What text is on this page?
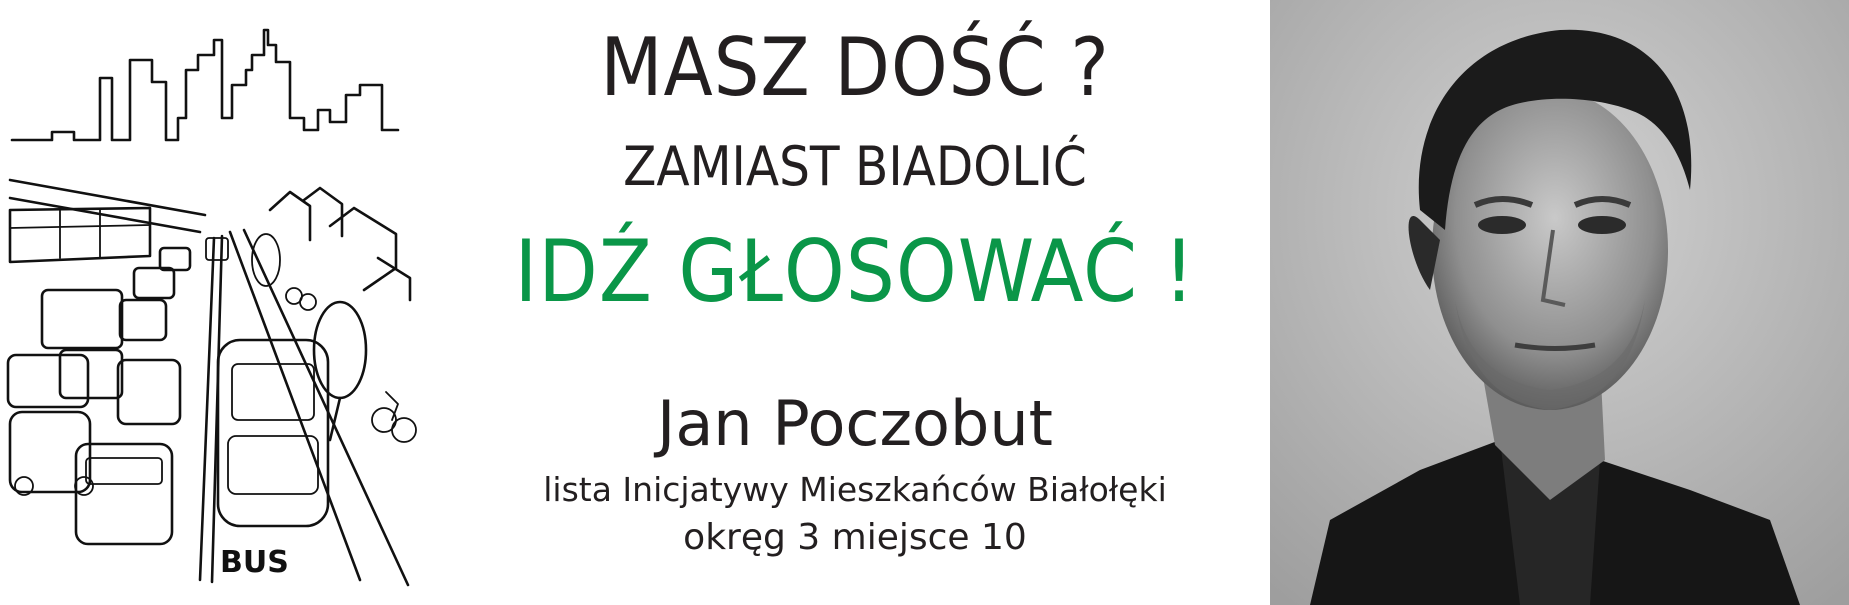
BUS
MASZ DOŚĆ ?
ZAMIAST BIADOLIĆ
IDŹ GŁOSOWAĆ !
Jan Poczobut
lista Inicjatywy Mieszkańców Białołęki
okręg 3 miejsce 10
